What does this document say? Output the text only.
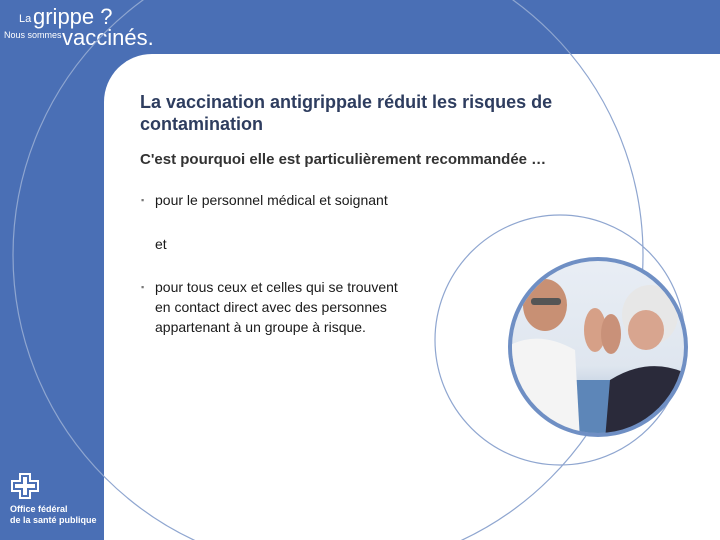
La grippe ?
Nous sommes vaccinés.
La vaccination antigrippale réduit les risques de
contamination
C'est pourquoi elle est particulièrement recommandée …
▪ pour le personnel médical et soignant
et
▪ pour tous ceux et celles qui se trouvent
en contact direct avec des personnes
appartenant à un groupe à risque.
Office fédéral
de la santé publique
